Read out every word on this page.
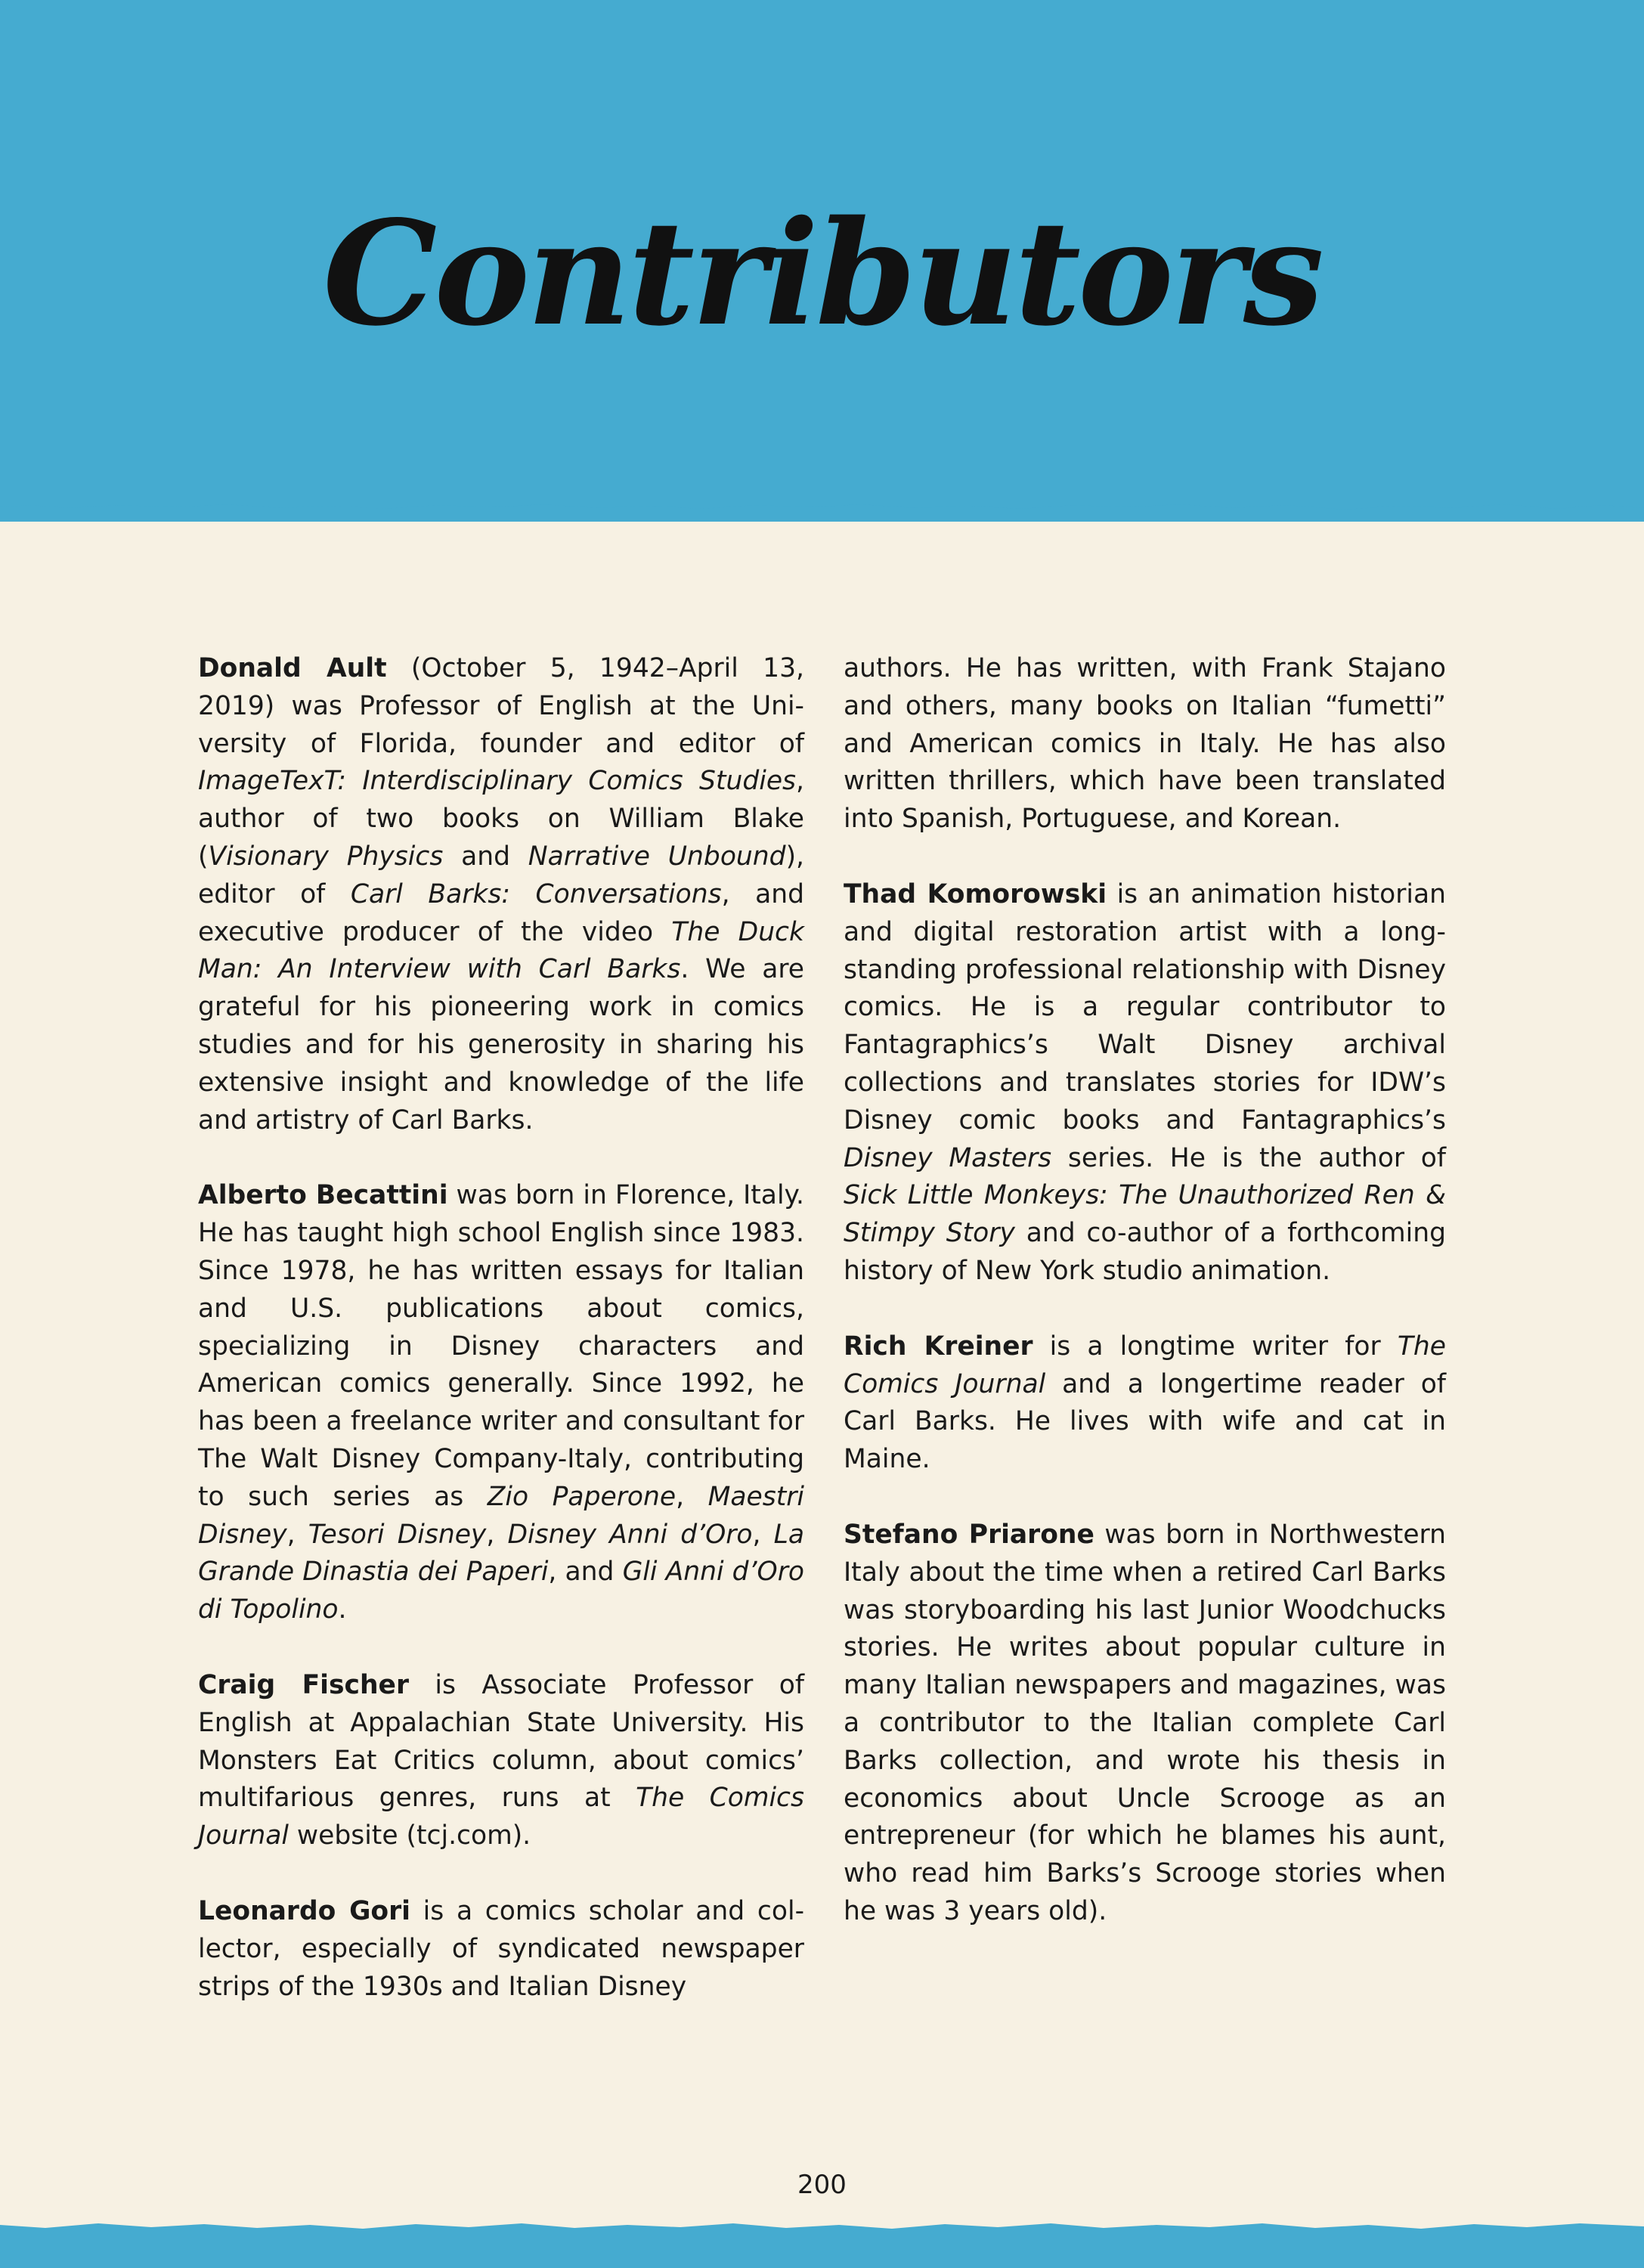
Contributors

Donald Ault (October 5, 1942–April 13, 2019) was Professor of English at the University of Florida, founder and editor of ImageTexT: Interdisciplinary Comics Studies, author of two books on William Blake (Visionary Physics and Narrative Unbound), editor of Carl Barks: Conversations, and executive producer of the video The Duck Man: An Interview with Carl Barks. We are grateful for his pioneering work in comics studies and for his generosity in sharing his extensive insight and knowledge of the life and artistry of Carl Barks.

Alberto Becattini was born in Florence, Italy. He has taught high school English since 1983. Since 1978, he has written essays for Italian and U.S. publications about comics, specializing in Disney characters and American comics generally. Since 1992, he has been a freelance writer and consultant for The Walt Disney Company-Italy, contributing to such series as Zio Paperone, Maestri Disney, Tesori Disney, Disney Anni d’Oro, La Grande Dinastia dei Paperi, and Gli Anni d’Oro di Topolino.

Craig Fischer is Associate Professor of English at Appalachian State University. His Monsters Eat Critics column, about comics’ multifarious genres, runs at The Comics Journal website (tcj.com).

Leonardo Gori is a comics scholar and collector, especially of syndicated newspaper strips of the 1930s and Italian Disney

authors. He has written, with Frank Stajano and others, many books on Italian “fumetti” and American comics in Italy. He has also written thrillers, which have been translated into Spanish, Portuguese, and Korean.

Thad Komorowski is an animation historian and digital restoration artist with a longstanding professional relationship with Disney comics. He is a regular contributor to Fantagraphics’s Walt Disney archival collections and translates stories for IDW’s Disney comic books and Fantagraphics’s Disney Masters series. He is the author of Sick Little Monkeys: The Unauthorized Ren & Stimpy Story and co-author of a forthcoming history of New York studio animation.

Rich Kreiner is a longtime writer for The Comics Journal and a longertime reader of Carl Barks. He lives with wife and cat in Maine.

Stefano Priarone was born in Northwestern Italy about the time when a retired Carl Barks was storyboarding his last Junior Woodchucks stories. He writes about popular culture in many Italian newspapers and magazines, was a contributor to the Italian complete Carl Barks collection, and wrote his thesis in economics about Uncle Scrooge as an entrepreneur (for which he blames his aunt, who read him Barks’s Scrooge stories when he was 3 years old).

200
